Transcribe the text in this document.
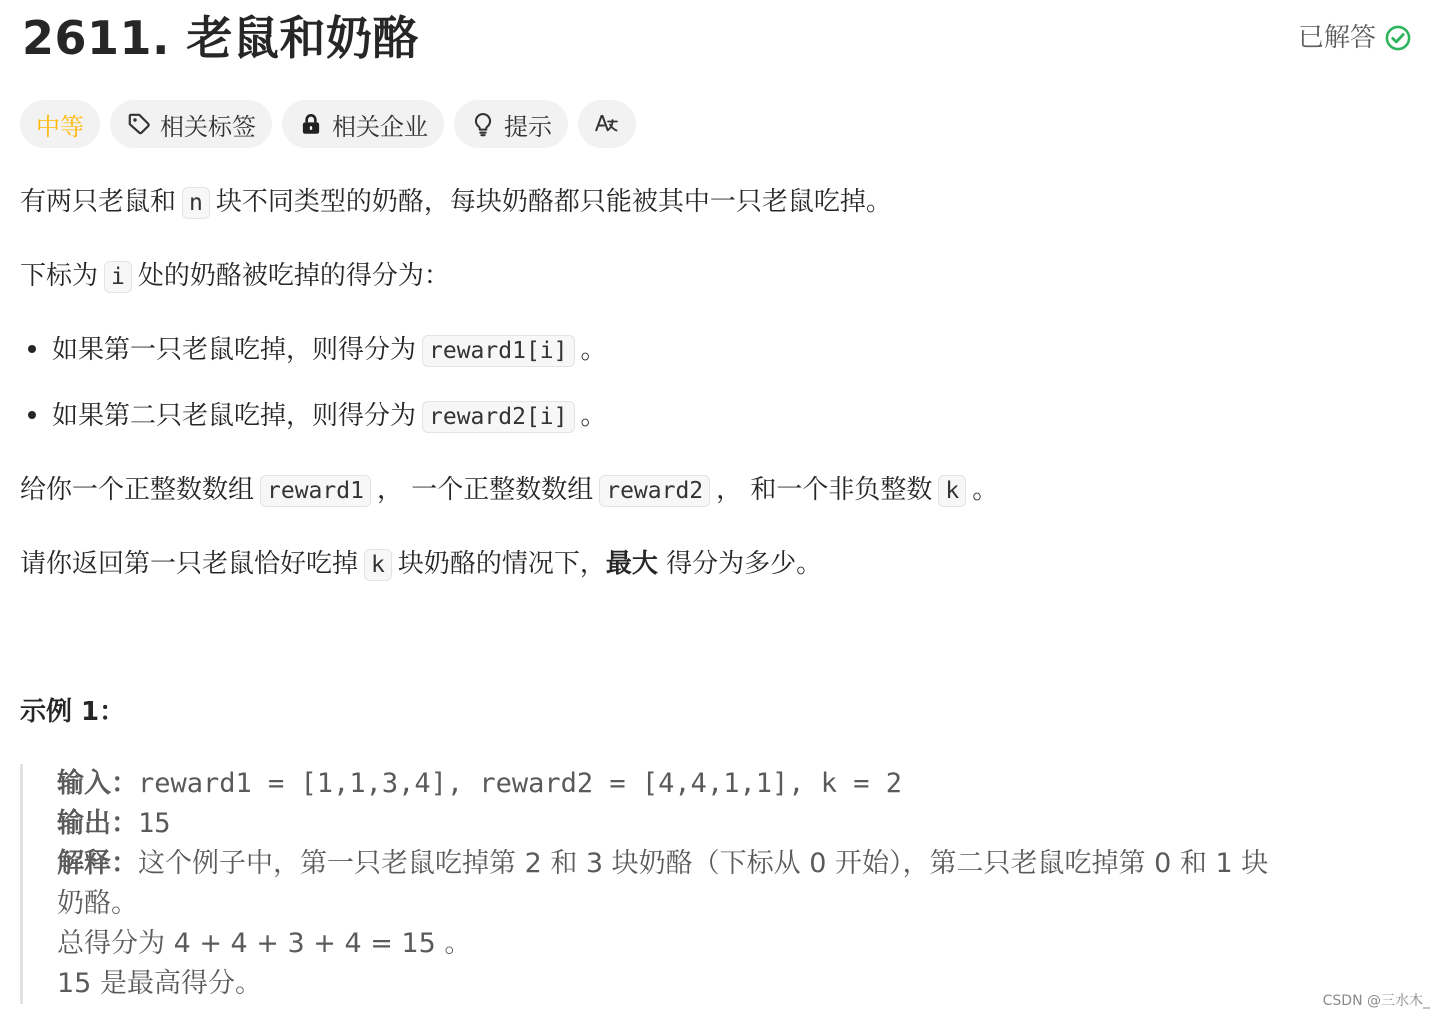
2611. 老鼠和奶酪	已解答
中等	相关标签	相关企业	提示

有两只老鼠和 n 块不同类型的奶酪，每块奶酪都只能被其中一只老鼠吃掉。

下标为 i 处的奶酪被吃掉的得分为：

如果第一只老鼠吃掉，则得分为 reward1[i] 。
如果第二只老鼠吃掉，则得分为 reward2[i] 。

给你一个正整数数组 reward1 ， 一个正整数数组 reward2 ， 和一个非负整数 k 。

请你返回第一只老鼠恰好吃掉 k 块奶酪的情况下，最大 得分为多少。

示例 1：

输入：reward1 = [1,1,3,4], reward2 = [4,4,1,1], k = 2

输出：15

解释：这个例子中，第一只老鼠吃掉第 2 和 3 块奶酪（下标从 0 开始），第二只老鼠吃掉第 0 和 1 块

奶酪。

总得分为 4 + 4 + 3 + 4 = 15 。

15 是最高得分。

CSDN @三水木_
